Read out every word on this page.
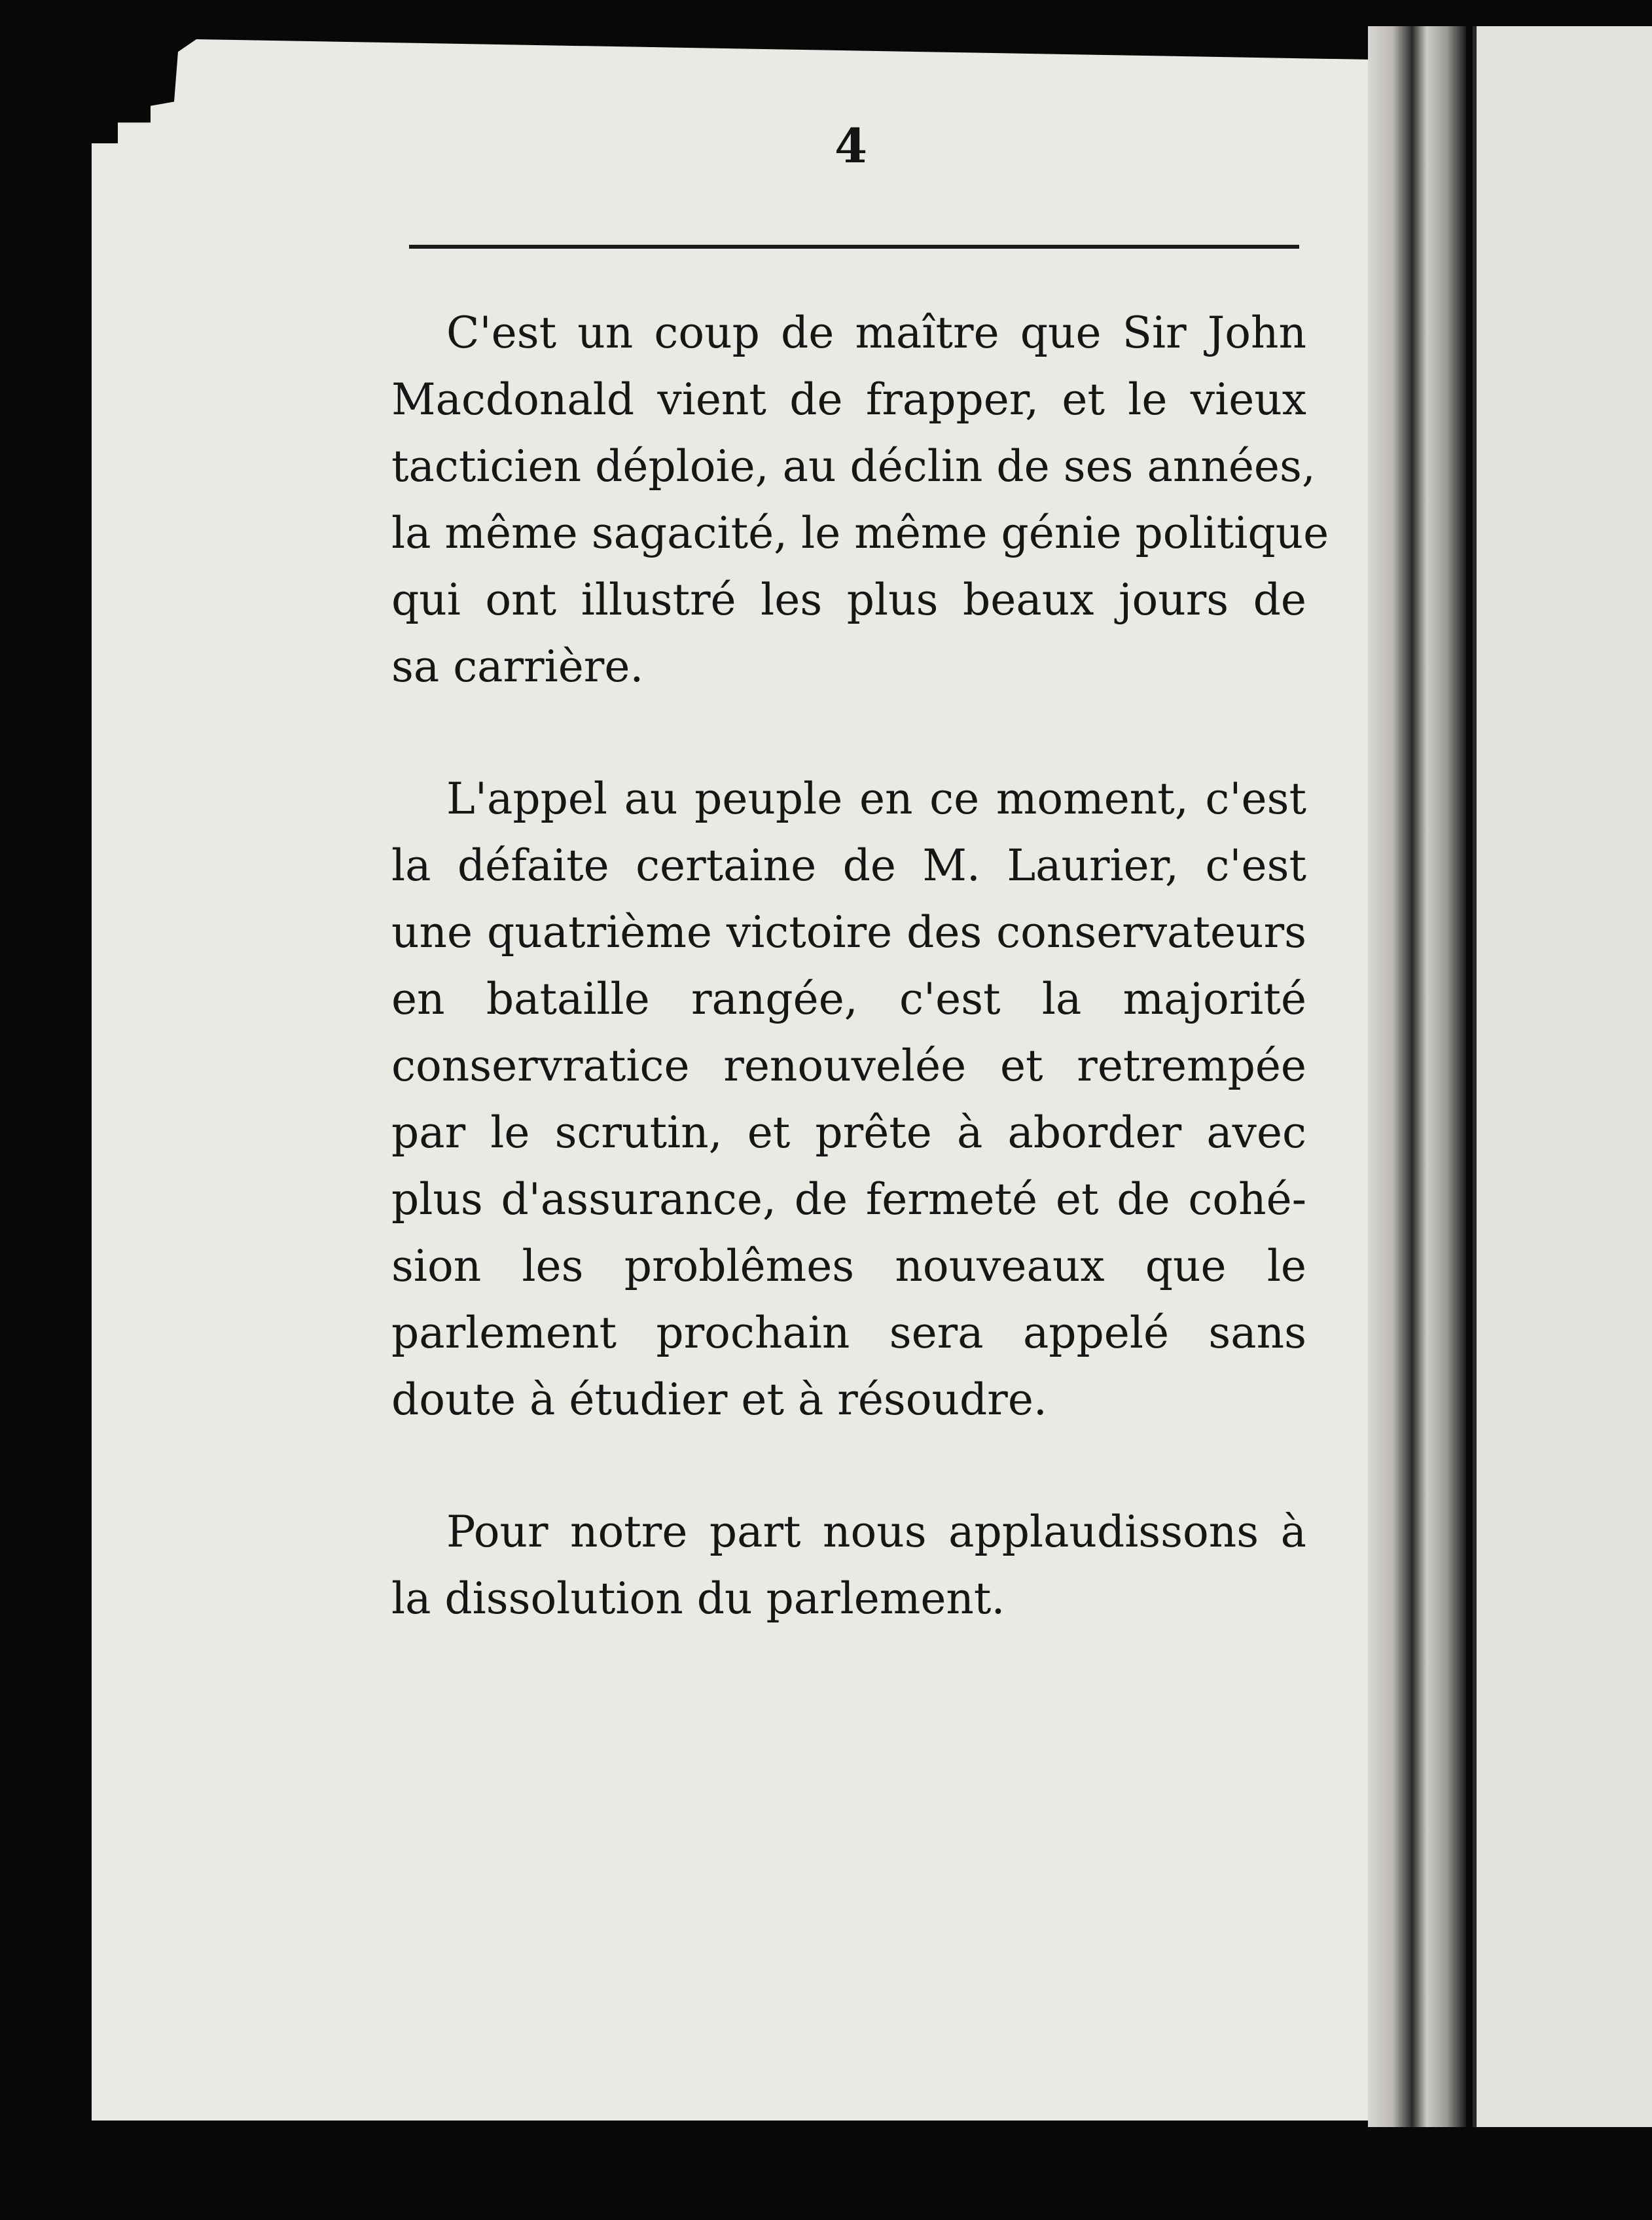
4
C'est un coup de maître que Sir John
Macdonald vient de frapper, et le vieux
tacticien déploie, au déclin de ses années,
la même sagacité, le même génie politique
qui ont illustré les plus beaux jours de
sa carrière.
L'appel au peuple en ce moment, c'est
la défaite certaine de M. Laurier, c'est
une quatrième victoire des conservateurs
en bataille rangée, c'est la majorité
conservratice renouvelée et retrempée
par le scrutin, et prête à aborder avec
plus d'assurance, de fermeté et de cohé-
sion les problêmes nouveaux que le
parlement prochain sera appelé sans
doute à étudier et à résoudre.
Pour notre part nous applaudissons à
la dissolution du parlement.
